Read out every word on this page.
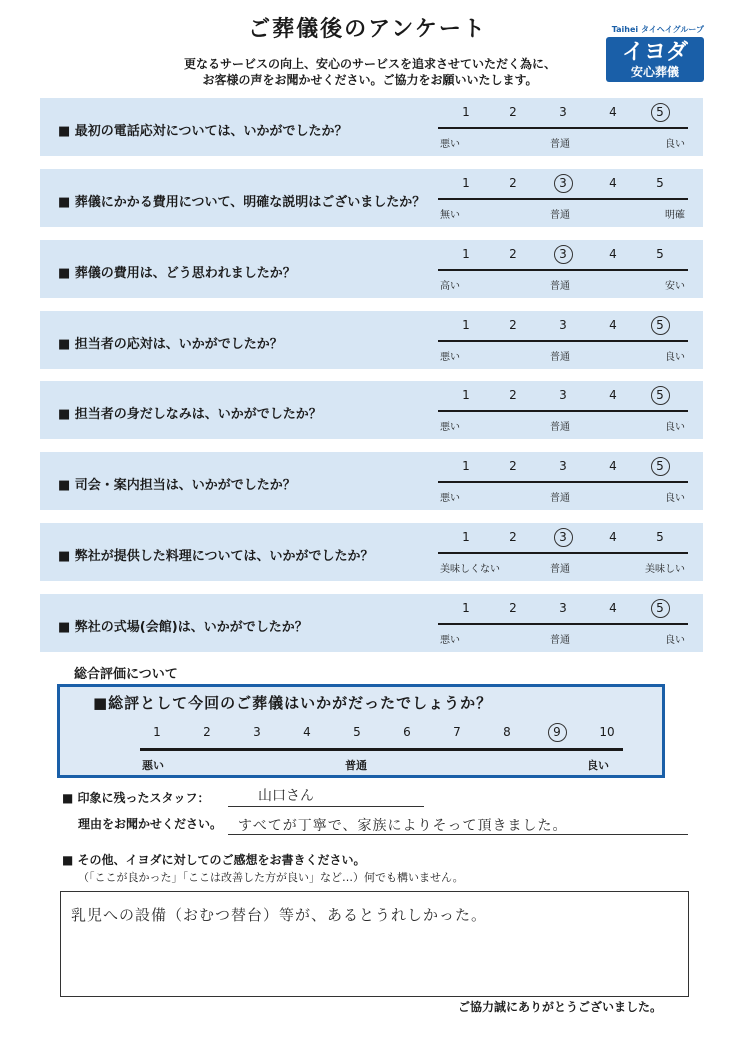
ご葬儀後のアンケート
更なるサービスの向上、安心のサービスを追求させていただく為に、
お客様の声をお聞かせください。ご協力をお願いいたします。
Taihei タイヘイグループ
イヨダ
安心葬儀
■ 最初の電話応対については、いかがでしたか？
1	2	3	4	5
悪い	普通	良い
■ 葬儀にかかる費用について、明確な説明はございましたか？
1	2	3	4	5
無い	普通	明確
■ 葬儀の費用は、どう思われましたか？
1	2	3	4	5
高い	普通	安い
■ 担当者の応対は、いかがでしたか？
1	2	3	4	5
悪い	普通	良い
■ 担当者の身だしなみは、いかがでしたか？
1	2	3	4	5
悪い	普通	良い
■ 司会・案内担当は、いかがでしたか？
1	2	3	4	5
悪い	普通	良い
■ 弊社が提供した料理については、いかがでしたか？
1	2	3	4	5
美味しくない	普通	美味しい
■ 弊社の式場(会館)は、いかがでしたか？
1	2	3	4	5
悪い	普通	良い
総合評価について
■総評として今回のご葬儀はいかがだったでしょうか？
1	2	3	4	5	6	7	8	9	10
悪い	普通	良い
■ 印象に残ったスタッフ：	山口さん
理由をお聞かせください。 すべてが丁寧で、家族によりそって頂きました。
■ その他、イヨダに対してのご感想をお書きください。
（「ここが良かった」「ここは改善した方が良い」など…）何でも構いません。
乳児への設備（おむつ替台）等が、あるとうれしかった。
ご協力誠にありがとうございました。
